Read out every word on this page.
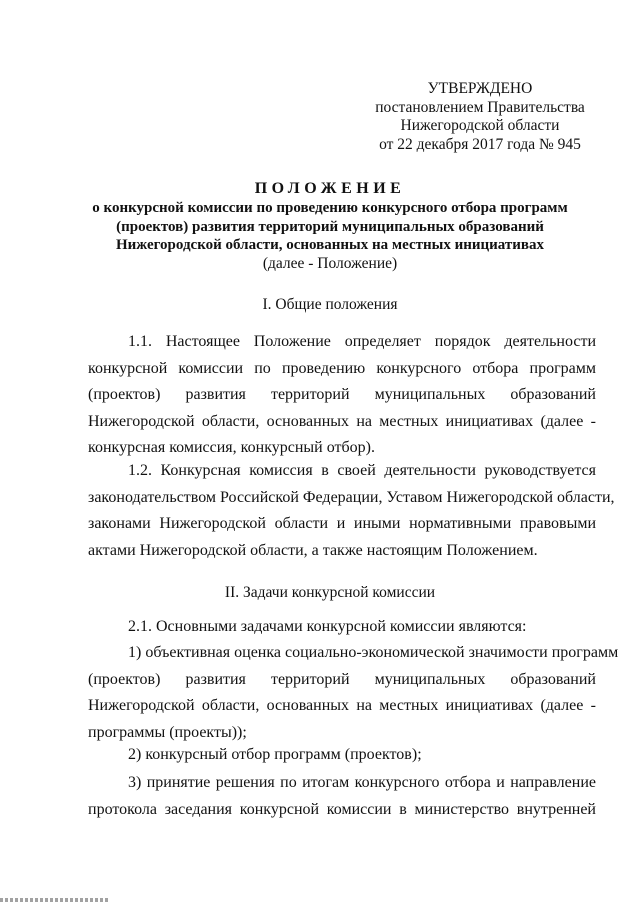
УТВЕРЖДЕНО
постановлением Правительства
Нижегородской области
от 22 декабря 2017 года № 945
ПОЛОЖЕНИЕ
о конкурсной комиссии по проведению конкурсного отбора программ
(проектов) развития территорий муниципальных образований
Нижегородской области, основанных на местных инициативах
(далее - Положение)
I. Общие положения
1.1. Настоящее Положение определяет порядок деятельности
конкурсной комиссии по проведению конкурсного отбора программ
(проектов) развития территорий муниципальных образований
Нижегородской области, основанных на местных инициативах (далее -
конкурсная комиссия, конкурсный отбор).
1.2. Конкурсная комиссия в своей деятельности руководствуется
законодательством Российской Федерации, Уставом Нижегородской области,
законами Нижегородской области и иными нормативными правовыми
актами Нижегородской области, а также настоящим Положением.
II. Задачи конкурсной комиссии
2.1. Основными задачами конкурсной комиссии являются:
1) объективная оценка социально-экономической значимости программ
(проектов) развития территорий муниципальных образований
Нижегородской области, основанных на местных инициативах (далее -
программы (проекты));
2) конкурсный отбор программ (проектов);
3) принятие решения по итогам конкурсного отбора и направление
протокола заседания конкурсной комиссии в министерство внутренней
